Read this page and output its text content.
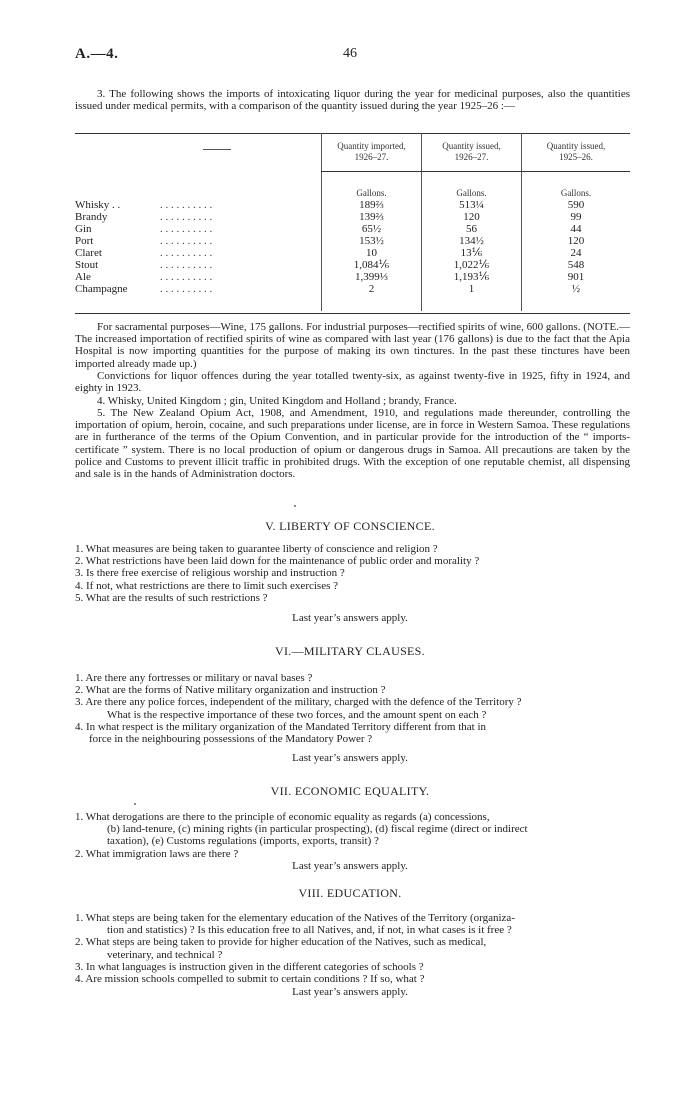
A.—4.	46

3. The following shows the imports of intoxicating liquor during the year for medicinal purposes, also the quantities issued under medical permits, with a comparison of the quantity issued during the year 1925–26 :—

Quantity imported,
1926–27.
Quantity issued,
1926–27.
Quantity issued,
1925–26.
Gallons.	Gallons.	Gallons.
Whisky . .	. . . . . . . . . .	189⅔	513¼	590
Brandy	. . . . . . . . . .	139⅔	120	99
Gin	. . . . . . . . . .	65½	56	44
Port	. . . . . . . . . .	153½	134½	120
Claret	. . . . . . . . . .	10	13⅙	24
Stout	. . . . . . . . . .	1,084⅙	1,022⅙	548
Ale	. . . . . . . . . .	1,399⅓	1,193⅙	901
Champagne	. . . . . . . . . .	2	1	½

For sacramental purposes—Wine, 175 gallons. For industrial purposes—rectified spirits of wine, 600 gallons. (NOTE.—The increased importation of rectified spirits of wine as compared with last year (176 gallons) is due to the fact that the Apia Hospital is now importing quantities for the purpose of making its own tinctures. In the past these tinctures have been imported already made up.)

Convictions for liquor offences during the year totalled twenty-six, as against twenty-five in 1925, fifty in 1924, and eighty in 1923.

4. Whisky, United Kingdom ; gin, United Kingdom and Holland ; brandy, France.

5. The New Zealand Opium Act, 1908, and Amendment, 1910, and regulations made thereunder, controlling the importation of opium, heroin, cocaine, and such preparations under license, are in force in Western Samoa. These regulations are in furtherance of the terms of the Opium Convention, and in particular provide for the introduction of the “ imports-certificate ” system. There is no local production of opium or dangerous drugs in Samoa. All precautions are taken by the police and Customs to prevent illicit traffic in prohibited drugs. With the exception of one reputable chemist, all dispensing and sale is in the hands of Administration doctors.

V. LIBERTY OF CONSCIENCE.
1. What measures are being taken to guarantee liberty of conscience and religion ?
2. What restrictions have been laid down for the maintenance of public order and morality ?
3. Is there free exercise of religious worship and instruction ?
4. If not, what restrictions are there to limit such exercises ?
5. What are the results of such restrictions ?
Last year’s answers apply.
VI.—MILITARY CLAUSES.
1. Are there any fortresses or military or naval bases ?
2. What are the forms of Native military organization and instruction ?
3. Are there any police forces, independent of the military, charged with the defence of the Territory ?
What is the respective importance of these two forces, and the amount spent on each ?
4. In what respect is the military organization of the Mandated Territory different from that in
force in the neighbouring possessions of the Mandatory Power ?
Last year’s answers apply.
VII. ECONOMIC EQUALITY.
1. What derogations are there to the principle of economic equality as regards (a) concessions,
(b) land-tenure, (c) mining rights (in particular prospecting), (d) fiscal regime (direct or indirect
taxation), (e) Customs regulations (imports, exports, transit) ?
2. What immigration laws are there ?
Last year’s answers apply.
VIII. EDUCATION.
1. What steps are being taken for the elementary education of the Natives of the Territory (organiza-
tion and statistics) ? Is this education free to all Natives, and, if not, in what cases is it free ?
2. What steps are being taken to provide for higher education of the Natives, such as medical,
veterinary, and technical ?
3. In what languages is instruction given in the different categories of schools ?
4. Are mission schools compelled to submit to certain conditions ? If so, what ?
Last year’s answers apply.
